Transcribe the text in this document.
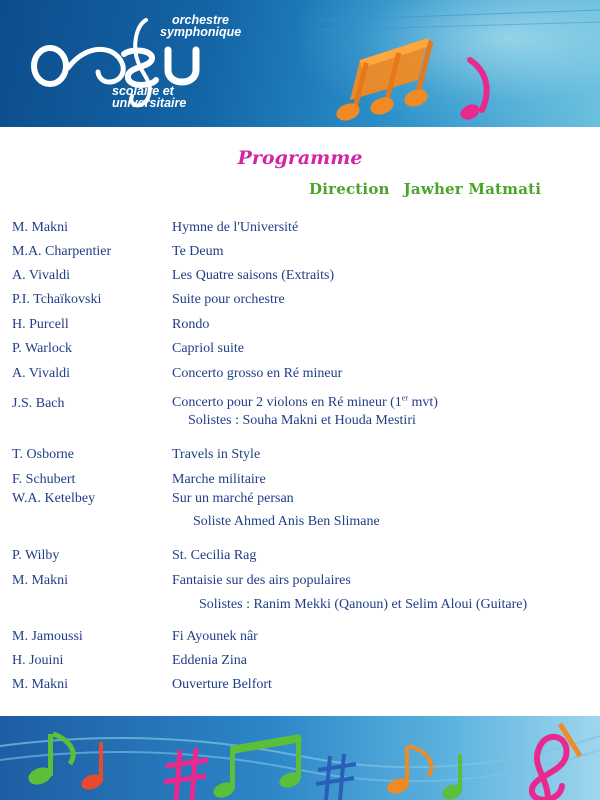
orchestre
symphonique
scolaire et
universitaire
Programme
Direction Jawher Matmati
M. Makni	Hymne de l'Université
M.A. Charpentier	Te Deum
A. Vivaldi	Les Quatre saisons (Extraits)
P.I. Tchaïkovski	Suite pour orchestre
H. Purcell	Rondo
P. Warlock	Capriol suite
A. Vivaldi	Concerto grosso en Ré mineur
J.S. Bach	Concerto pour 2 violons en Ré mineur (1er mvt)
Solistes : Souha Makni et Houda Mestiri
T. Osborne	Travels in Style
F. Schubert	Marche militaire
W.A. Ketelbey	Sur un marché persan
Soliste Ahmed Anis Ben Slimane
P. Wilby	St. Cecilia Rag
M. Makni	Fantaisie sur des airs populaires
Solistes : Ranim Mekki (Qanoun) et Selim Aloui (Guitare)
M. Jamoussi	Fi Ayounek nâr
H. Jouini	Eddenia Zina
M. Makni	Ouverture Belfort
